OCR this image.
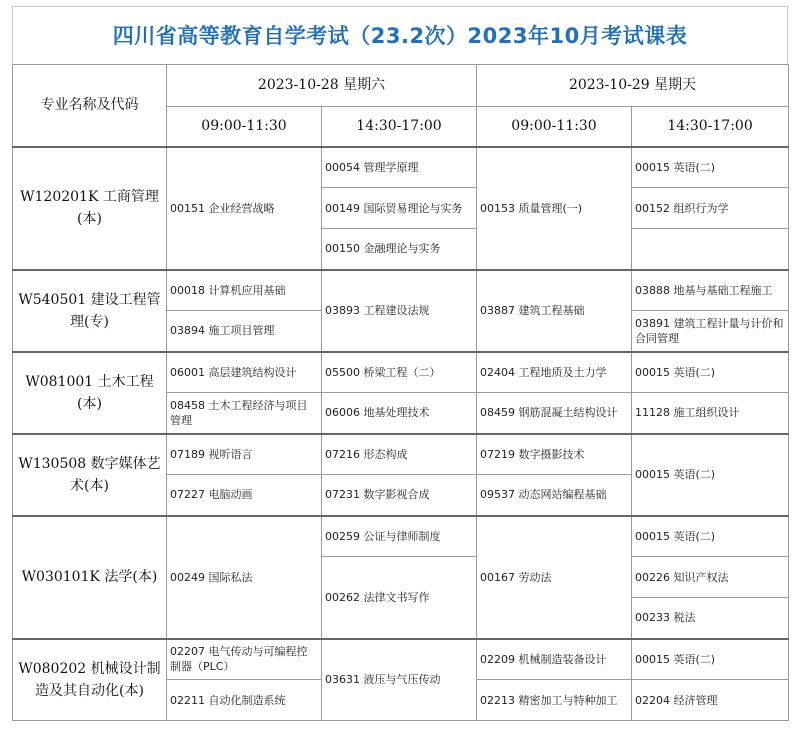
四川省高等教育自学考试（23.2次）2023年10月考试课表
专业名称及代码	2023-10-28 星期六		2023-10-29 星期天	
	09:00-11:30	14:30-17:00	09:00-11:30	14:30-17:00
W120201K 工商管理(本)	00151 企业经营战略	00054 管理学原理	00153 质量管理(一)	00015 英语(二)
		00149 国际贸易理论与实务		00152 组织行为学
		00150 金融理论与实务		
W540501 建设工程管理(专)	00018 计算机应用基础	03893 工程建设法规	03887 建筑工程基础	03888 地基与基础工程施工
	03894 施工项目管理			03891 建筑工程计量与计价和合同管理
W081001 土木工程(本)	06001 高层建筑结构设计	05500 桥梁工程（二）	02404 工程地质及土力学	00015 英语(二)
	08458 土木工程经济与项目管理	06006 地基处理技术	08459 钢筋混凝土结构设计	11128 施工组织设计
W130508 数字媒体艺术(本)	07189 视听语言	07216 形态构成	07219 数字摄影技术	00015 英语(二)
	07227 电脑动画	07231 数字影视合成	09537 动态网站编程基础	
W030101K 法学(本)	00249 国际私法	00259 公证与律师制度	00167 劳动法	00015 英语(二)
		00262 法律文书写作		00226 知识产权法
				00233 税法
W080202 机械设计制造及其自动化(本)	02207 电气传动与可编程控制器（PLC）	03631 液压与气压传动	02209 机械制造装备设计	00015 英语(二)
	02211 自动化制造系统		02213 精密加工与特种加工	02204 经济管理
